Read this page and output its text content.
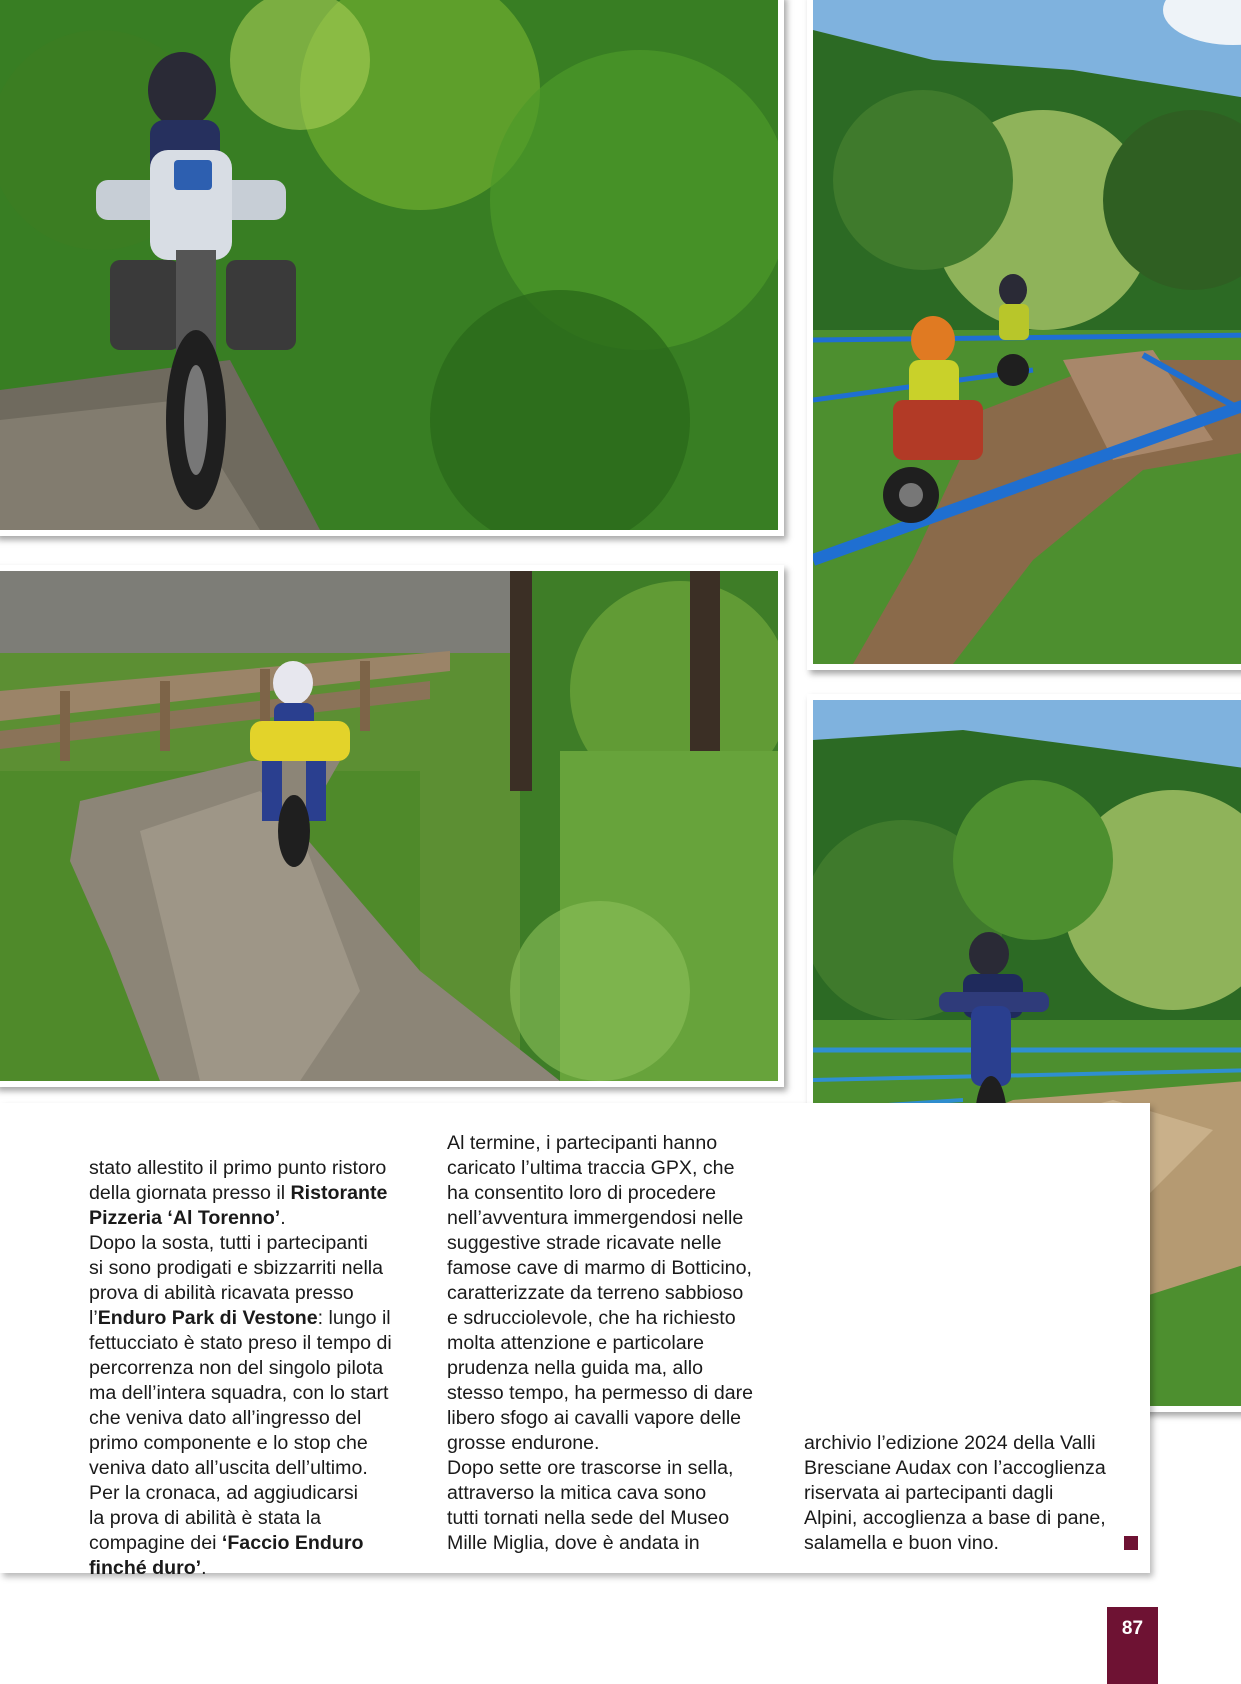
stato allestito il primo punto ristoro
della giornata presso il Ristorante
Pizzeria ‘Al Torenno’.
Dopo la sosta, tutti i partecipanti
si sono prodigati e sbizzarriti nella
prova di abilità ricavata presso
l’Enduro Park di Vestone: lungo il
fettucciato è stato preso il tempo di
percorrenza non del singolo pilota
ma dell’intera squadra, con lo start
che veniva dato all’ingresso del
primo componente e lo stop che
veniva dato all’uscita dell’ultimo.
Per la cronaca, ad aggiudicarsi
la prova di abilità è stata la
compagine dei ‘Faccio Enduro
finché duro’.

Al termine, i partecipanti hanno
caricato l’ultima traccia GPX, che
ha consentito loro di procedere
nell’avventura immergendosi nelle
suggestive strade ricavate nelle
famose cave di marmo di Botticino,
caratterizzate da terreno sabbioso
e sdrucciolevole, che ha richiesto
molta attenzione e particolare
prudenza nella guida ma, allo
stesso tempo, ha permesso di dare
libero sfogo ai cavalli vapore delle
grosse endurone.
Dopo sette ore trascorse in sella,
attraverso la mitica cava sono
tutti tornati nella sede del Museo
Mille Miglia, dove è andata in
archivio l’edizione 2024 della Valli
Bresciane Audax con l’accoglienza
riservata ai partecipanti dagli
Alpini, accoglienza a base di pane,
salamella e buon vino.
87
